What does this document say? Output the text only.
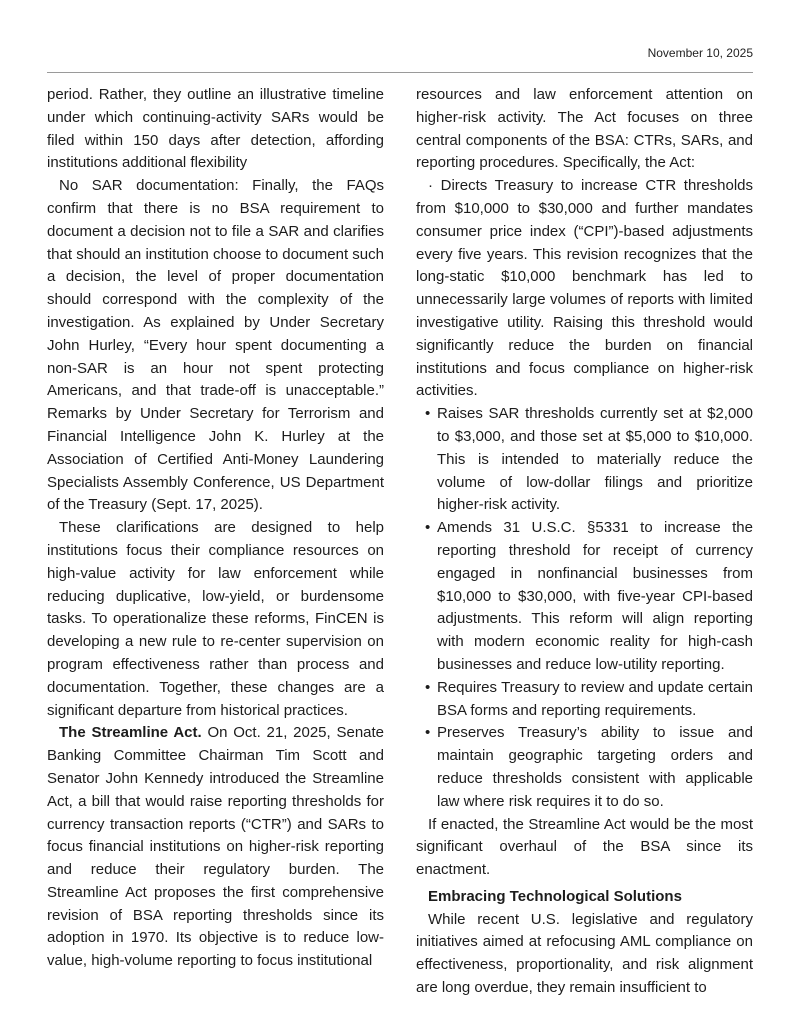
November 10, 2025

period. Rather, they outline an illustrative timeline under which continuing-activity SARs would be filed within 150 days after detection, affording institutions additional flexibility

No SAR documentation: Finally, the FAQs confirm that there is no BSA requirement to document a decision not to file a SAR and clarifies that should an institution choose to document such a decision, the level of proper documentation should correspond with the complexity of the investigation. As explained by Under Secretary John Hurley, “Every hour spent documenting a non-SAR is an hour not spent protecting Americans, and that trade-off is unacceptable.” Remarks by Under Secretary for Terrorism and Financial Intelligence John K. Hurley at the Association of Certified Anti-Money Laundering Specialists Assembly Conference, US Department of the Treasury (Sept. 17, 2025).

These clarifications are designed to help institutions focus their compliance resources on high-value activity for law enforcement while reducing duplicative, low-yield, or burdensome tasks. To operationalize these reforms, FinCEN is developing a new rule to re-center supervision on program effectiveness rather than process and documentation. Together, these changes are a significant departure from historical practices.

The Streamline Act. On Oct. 21, 2025, Senate Banking Committee Chairman Tim Scott and Senator John Kennedy introduced the Streamline Act, a bill that would raise reporting thresholds for currency transaction reports (“CTR”) and SARs to focus financial institutions on higher-risk reporting and reduce their regulatory burden. The Streamline Act proposes the first comprehensive revision of BSA reporting thresholds since its adoption in 1970. Its objective is to reduce low-value, high-volume reporting to focus institutional

resources and law enforcement attention on higher-risk activity. The Act focuses on three central components of the BSA: CTRs, SARs, and reporting procedures. Specifically, the Act:

· Directs Treasury to increase CTR thresholds from $10,000 to $30,000 and further mandates consumer price index (“CPI”)-based adjustments every five years. This revision recognizes that the long-static $10,000 benchmark has led to unnecessarily large volumes of reports with limited investigative utility. Raising this threshold would significantly reduce the burden on financial institutions and focus compliance on higher-risk activities.

• Raises SAR thresholds currently set at $2,000 to $3,000, and those set at $5,000 to $10,000. This is intended to materially reduce the volume of low-dollar filings and prioritize higher-risk activity.
• Amends 31 U.S.C. §5331 to increase the reporting threshold for receipt of currency engaged in nonfinancial businesses from $10,000 to $30,000, with five-year CPI-based adjustments. This reform will align reporting with modern economic reality for high-cash businesses and reduce low-utility reporting.
• Requires Treasury to review and update certain BSA forms and reporting requirements.
• Preserves Treasury’s ability to issue and maintain geographic targeting orders and reduce thresholds consistent with applicable law where risk requires it to do so.

If enacted, the Streamline Act would be the most significant overhaul of the BSA since its enactment.

Embracing Technological Solutions

While recent U.S. legislative and regulatory initiatives aimed at refocusing AML compliance on effectiveness, proportionality, and risk alignment are long overdue, they remain insufficient to
